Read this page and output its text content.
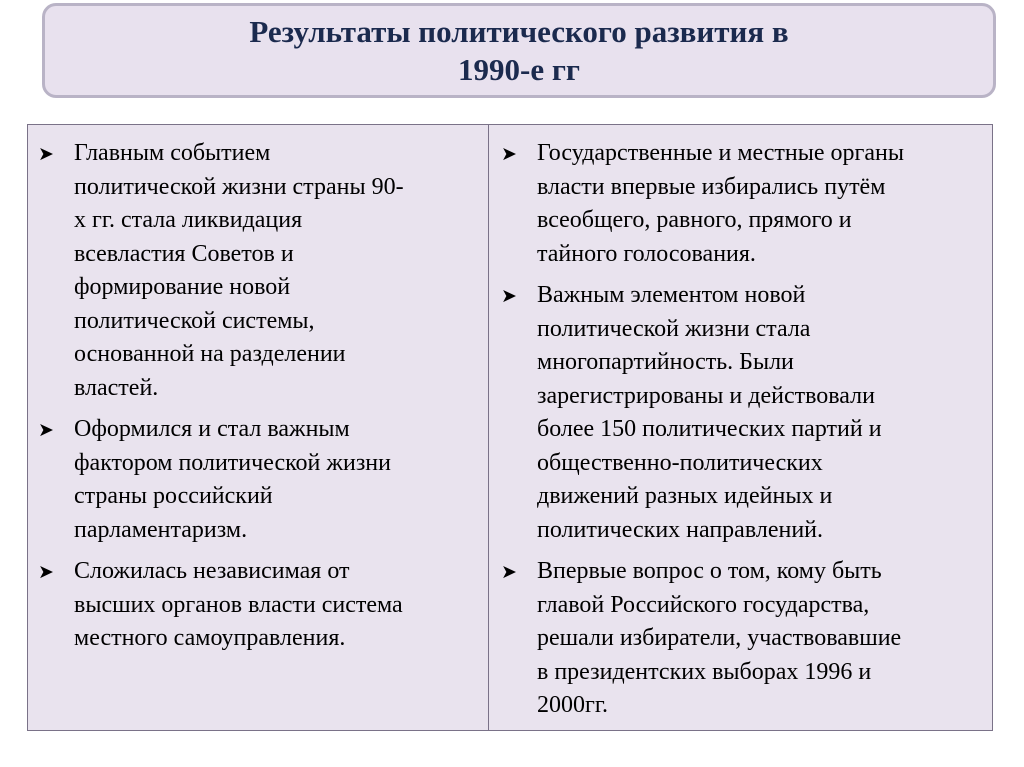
Результаты политического развития в
1990-е гг
➤ Главным событием
политической жизни страны 90-
х гг. стала ликвидация
всевластия Советов и
формирование новой
политической системы,
основанной на разделении
властей.
➤ Оформился и стал важным
фактором политической жизни
страны российский
парламентаризм.
➤ Сложилась независимая от
высших органов власти система
местного самоуправления.
➤ Государственные и местные органы
власти впервые избирались путём
всеобщего, равного, прямого и
тайного голосования.
➤ Важным элементом новой
политической жизни стала
многопартийность. Были
зарегистрированы и действовали
более 150 политических партий и
общественно-политических
движений разных идейных и
политических направлений.
➤ Впервые вопрос о том, кому быть
главой Российского государства,
решали избиратели, участвовавшие
в президентских выборах 1996 и
2000гг.
